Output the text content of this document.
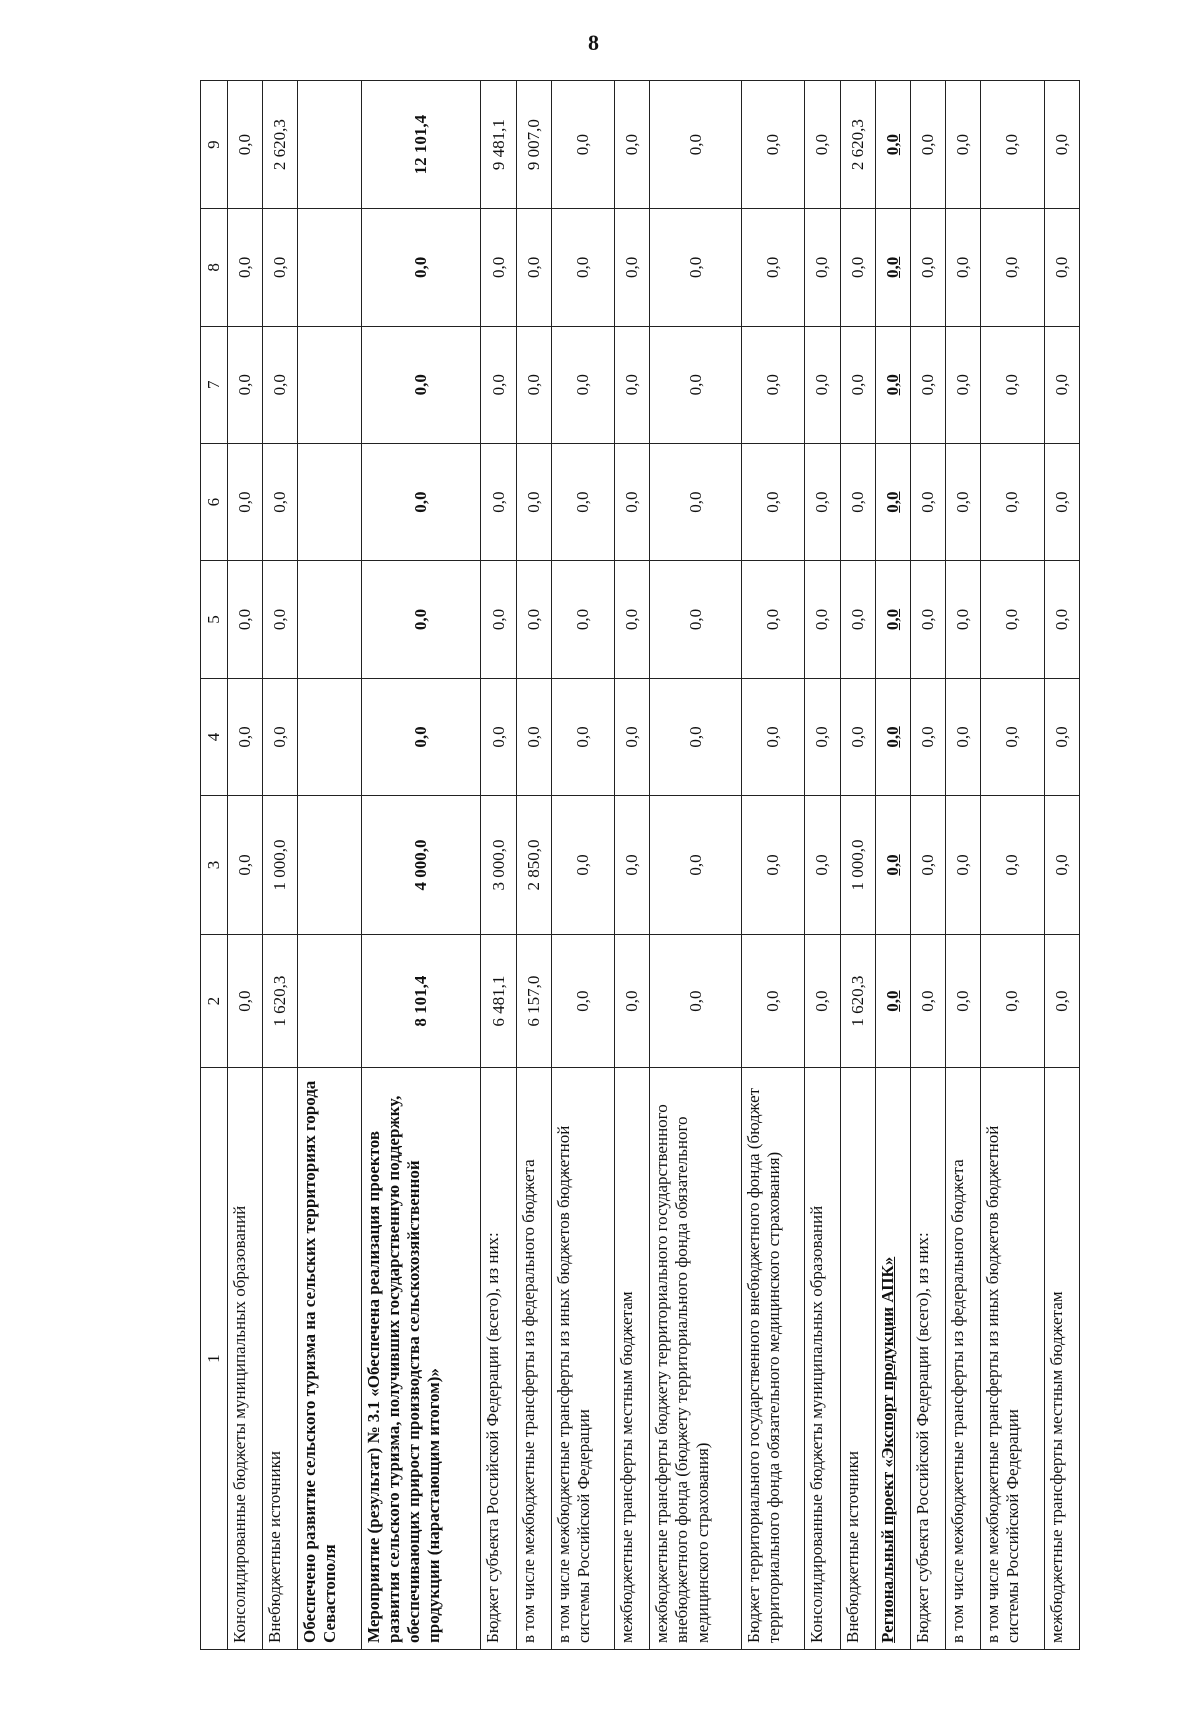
8
1	2	3	4	5	6	7	8	9
Консолидированные бюджеты муниципальных образований	0,0	0,0	0,0	0,0	0,0	0,0	0,0	0,0
Внебюджетные источники	1 620,3	1 000,0	0,0	0,0	0,0	0,0	0,0	2 620,3
Обеспечено развитие сельского туризма на сельских территориях города Севастополя								
Мероприятие (результат) № 3.1 «Обеспечена реализация проектов развития сельского туризма, получивших государственную поддержку, обеспечивающих прирост производства сельскохозяйственной продукции (нарастающим итогом)»	8 101,4	4 000,0	0,0	0,0	0,0	0,0	0,0	12 101,4
Бюджет субъекта Российской Федерации (всего), из них:	6 481,1	3 000,0	0,0	0,0	0,0	0,0	0,0	9 481,1
в том числе межбюджетные трансферты из федерального бюджета	6 157,0	2 850,0	0,0	0,0	0,0	0,0	0,0	9 007,0
в том числе межбюджетные трансферты из иных бюджетов бюджетной системы Российской Федерации	0,0	0,0	0,0	0,0	0,0	0,0	0,0	0,0
межбюджетные трансферты местным бюджетам	0,0	0,0	0,0	0,0	0,0	0,0	0,0	0,0
межбюджетные трансферты бюджету территориального государственного внебюджетного фонда (бюджету территориального фонда обязательного медицинского страхования)	0,0	0,0	0,0	0,0	0,0	0,0	0,0	0,0
Бюджет территориального государственного внебюджетного фонда (бюджет территориального фонда обязательного медицинского страхования)	0,0	0,0	0,0	0,0	0,0	0,0	0,0	0,0
Консолидированные бюджеты муниципальных образований	0,0	0,0	0,0	0,0	0,0	0,0	0,0	0,0
Внебюджетные источники	1 620,3	1 000,0	0,0	0,0	0,0	0,0	0,0	2 620,3
Региональный проект «Экспорт продукции АПК»	0,0	0,0	0,0	0,0	0,0	0,0	0,0	0,0
Бюджет субъекта Российской Федерации (всего), из них:	0,0	0,0	0,0	0,0	0,0	0,0	0,0	0,0
в том числе межбюджетные трансферты из федерального бюджета	0,0	0,0	0,0	0,0	0,0	0,0	0,0	0,0
в том числе межбюджетные трансферты из иных бюджетов бюджетной системы Российской Федерации	0,0	0,0	0,0	0,0	0,0	0,0	0,0	0,0
межбюджетные трансферты местным бюджетам	0,0	0,0	0,0	0,0	0,0	0,0	0,0	0,0
